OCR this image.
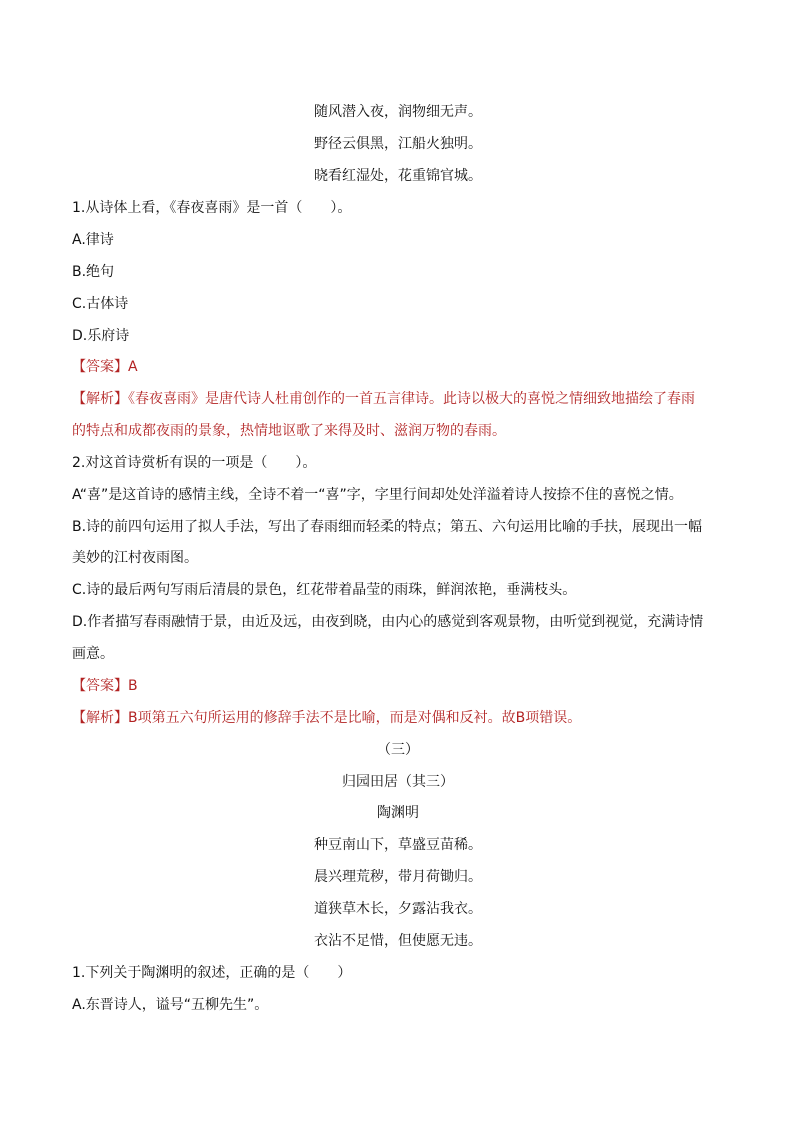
随风潜入夜，润物细无声。
野径云俱黑，江船火独明。
晓看红湿处，花重锦官城。
1.从诗体上看，《春夜喜雨》是一首（　　）。
A.律诗
B.绝句
C.古体诗
D.乐府诗
【答案】A
【解析】《春夜喜雨》是唐代诗人杜甫创作的一首五言律诗。此诗以极大的喜悦之情细致地描绘了春雨
的特点和成都夜雨的景象，热情地讴歌了来得及时、滋润万物的春雨。
2.对这首诗赏析有误的一项是（　　）。
A“喜”是这首诗的感情主线，全诗不着一“喜”字，字里行间却处处洋溢着诗人按捺不住的喜悦之情。
B.诗的前四句运用了拟人手法，写出了春雨细而轻柔的特点；第五、六句运用比喻的手扶，展现出一幅
美妙的江村夜雨图。
C.诗的最后两句写雨后清晨的景色，红花带着晶莹的雨珠，鲜润浓艳，垂满枝头。
D.作者描写春雨融情于景，由近及远，由夜到晓，由内心的感觉到客观景物，由听觉到视觉，充满诗情
画意。
【答案】B
【解析】B项第五六句所运用的修辞手法不是比喻，而是对偶和反衬。故B项错误。
（三）
归园田居（其三）
陶渊明
种豆南山下，草盛豆苗稀。
晨兴理荒秽，带月荷锄归。
道狭草木长，夕露沾我衣。
衣沾不足惜，但使愿无违。
1.下列关于陶渊明的叙述，正确的是（　　）
A.东晋诗人，谥号“五柳先生”。
